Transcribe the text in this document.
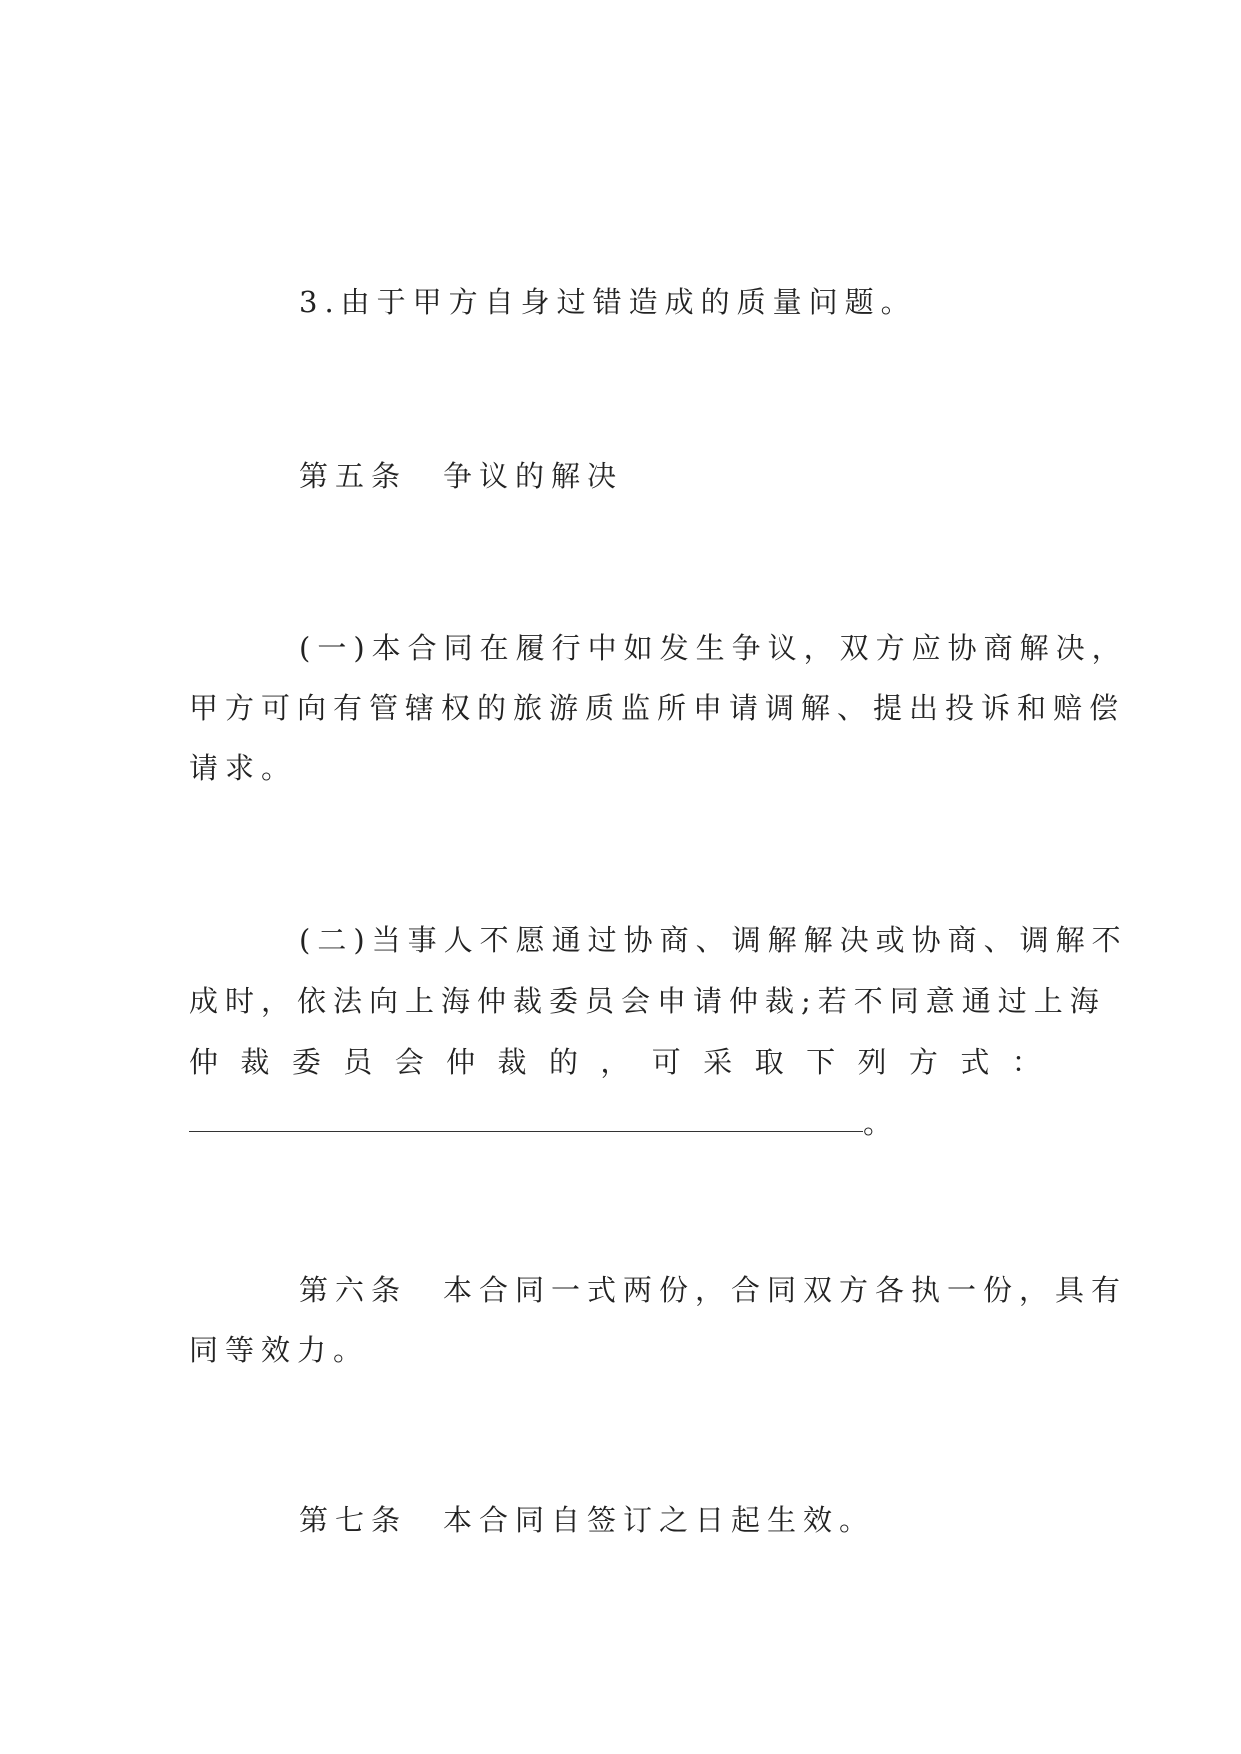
3.由于甲方自身过错造成的质量问题。
第五条　争议的解决
(一)本合同在履行中如发生争议，双方应协商解决，
甲方可向有管辖权的旅游质监所申请调解、提出投诉和赔偿
请求。
(二)当事人不愿通过协商、调解解决或协商、调解不
成时，依法向上海仲裁委员会申请仲裁;若不同意通过上海
仲 裁 委 员 会 仲 裁 的 ， 可 采 取 下 列 方 式 ：
。
第六条　本合同一式两份，合同双方各执一份，具有
同等效力。
第七条　本合同自签订之日起生效。
